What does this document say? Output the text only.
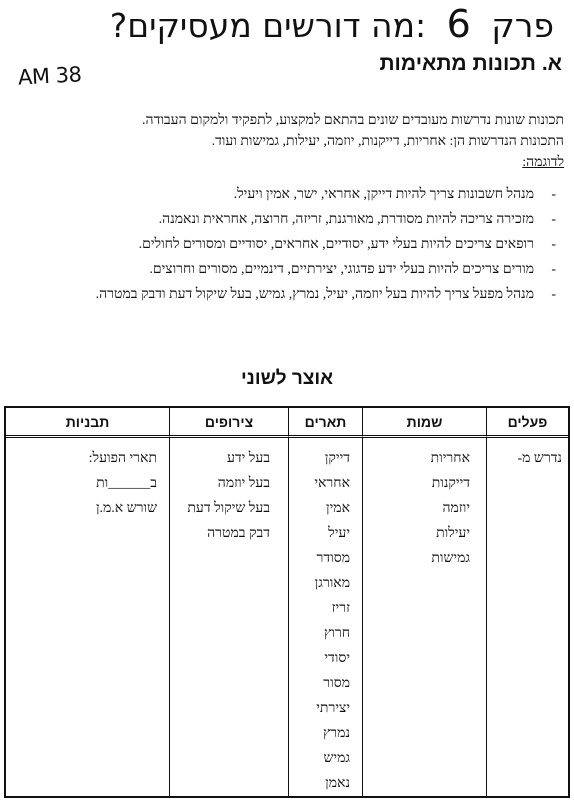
פרק 6 :מה דורשים מעסיקים?
AM 38	א. תכונות מתאימות

תכונות שונות נדרשות מעובדים שונים בהתאם למקצוע, לתפקיד ולמקום העבודה.

התכונות הנדרשות הן: אחריות, דייקנות, יוזמה, יעילות, גמישות ועוד.

לדוגמה:

- מנהל חשבונות צריך להיות דייקן, אחראי, ישר, אמין ויעיל.
- מזכירה צריכה להיות מסודרת, מאורגנת, זריזה, חרוצה, אחראית ונאמנה.
- רופאים צריכים להיות בעלי ידע, יסודיים, אחראים, יסודיים ומסורים לחולים.
- מורים צריכים להיות בעלי ידע פדגוגי, יצירתיים, דינמיים, מסורים וחרוצים.
- מנהל מפעל צריך להיות בעל יוזמה, יעיל, נמרץ, גמיש, בעל שיקול דעת ודבק במטרה.
אוצר לשוני
פעלים
שמות
תארים
צירופים
תבניות
נדרש מ-
אחריות
דייקנות
יוזמה
יעילות
גמישות
דייקן
אחראי
אמין
יעיל
מסודר
מאורגן
זריז
חרוץ
יסודי
מסור
יצירתי
נמרץ
גמיש
נאמן
בעל ידע
בעל יוזמה
בעל שיקול דעת
דבק במטרה
תארי הפועל:
ב______ות
שורש א.מ.ן
